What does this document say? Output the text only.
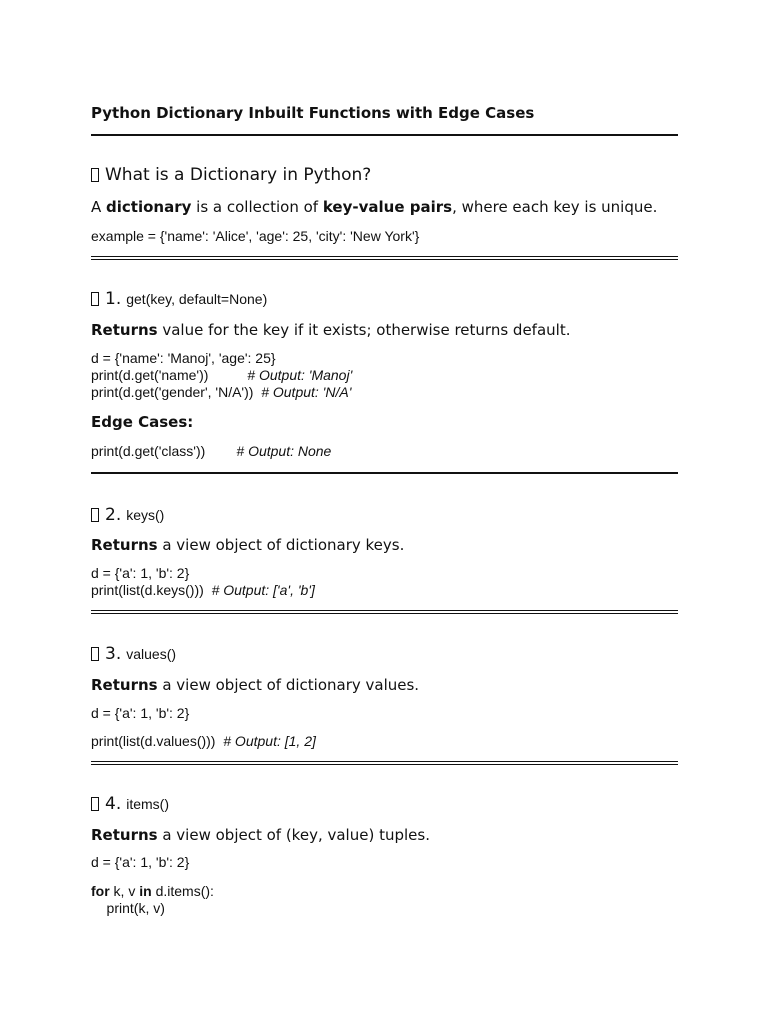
Python Dictionary Inbuilt Functions with Edge Cases
What is a Dictionary in Python?
A dictionary is a collection of key-value pairs, where each key is unique.
example = {'name': 'Alice', 'age': 25, 'city': 'New York'}
1. get(key, default=None)
Returns value for the key if it exists; otherwise returns default.
d = {'name': 'Manoj', 'age': 25}
print(d.get('name'))          # Output: 'Manoj'
print(d.get('gender', 'N/A'))  # Output: 'N/A'
Edge Cases:
print(d.get('class'))        # Output: None
2. keys()
Returns a view object of dictionary keys.
d = {'a': 1, 'b': 2}
print(list(d.keys()))  # Output: ['a', 'b']
3. values()
Returns a view object of dictionary values.
d = {'a': 1, 'b': 2}
print(list(d.values()))  # Output: [1, 2]
4. items()
Returns a view object of (key, value) tuples.
d = {'a': 1, 'b': 2}
for k, v in d.items():
print(k, v)
